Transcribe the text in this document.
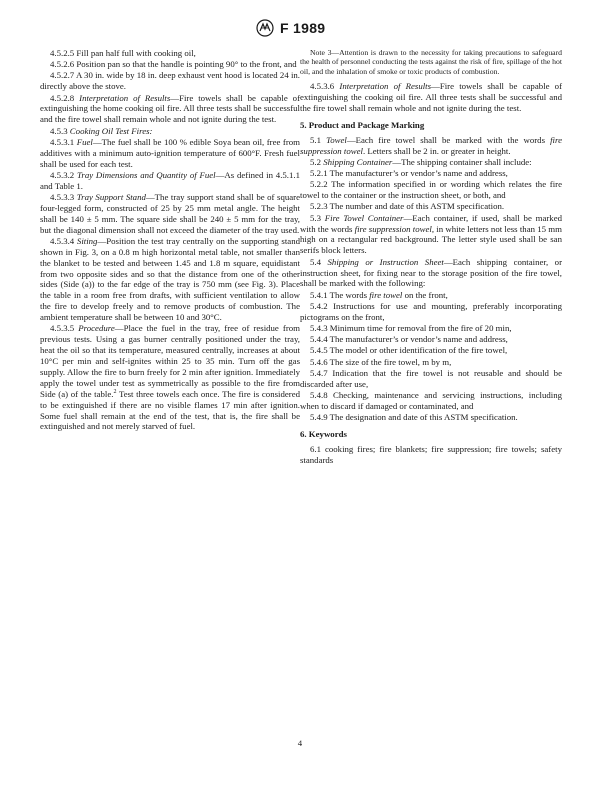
F 1989

4.5.2.5 Fill pan half full with cooking oil,

4.5.2.6 Position pan so that the handle is pointing 90° to the front, and

4.5.2.7 A 30 in. wide by 18 in. deep exhaust vent hood is located 24 in. directly above the stove.

4.5.2.8 Interpretation of Results—Fire towels shall be capable of extinguishing the home cooking oil fire. All three tests shall be successful and the fire towel shall remain whole and not ignite during the test.

4.5.3 Cooking Oil Test Fires:

4.5.3.1 Fuel—The fuel shall be 100 % edible Soya bean oil, free from additives with a minimum auto-ignition temperature of 600°F. Fresh fuel shall be used for each test.

4.5.3.2 Tray Dimensions and Quantity of Fuel—As defined in 4.5.1.1 and Table 1.

4.5.3.3 Tray Support Stand—The tray support stand shall be of square four-legged form, constructed of 25 by 25 mm metal angle. The height shall be 140 ± 5 mm. The square side shall be 240 ± 5 mm for the tray, but the diagonal dimension shall not exceed the diameter of the tray used.

4.5.3.4 Siting—Position the test tray centrally on the supporting stand shown in Fig. 3, on a 0.8 m high horizontal metal table, not smaller than the blanket to be tested and between 1.45 and 1.8 m square, equidistant from two opposite sides and so that the distance from one of the other sides (Side (a)) to the far edge of the tray is 750 mm (see Fig. 3). Place the table in a room free from drafts, with sufficient ventilation to allow the fire to develop freely and to remove products of combustion. The ambient temperature shall be between 10 and 30°C.

4.5.3.5 Procedure—Place the fuel in the tray, free of residue from previous tests. Using a gas burner centrally positioned under the tray, heat the oil so that its temperature, measured centrally, increases at about 10°C per min and self-ignites within 25 to 35 min. Turn off the gas supply. Allow the fire to burn freely for 2 min after ignition. Immediately apply the towel under test as symmetrically as possible to the fire from Side (a) of the table.$^2$ Test three towels each once. The fire is considered to be extinguished if there are no visible flames 17 min after ignition. Some fuel shall remain at the end of the test, that is, the fire shall be extinguished and not merely starved of fuel.

Note 3—Attention is drawn to the necessity for taking precautions to safeguard the health of personnel conducting the tests against the risk of fire, spillage of the hot oil, and the inhalation of smoke or toxic products of combustion.

4.5.3.6 Interpretation of Results—Fire towels shall be capable of extinguishing the cooking oil fire. All three tests shall be successful and the fire towel shall remain whole and not ignite during the test.

5. Product and Package Marking

5.1 Towel—Each fire towel shall be marked with the words fire suppression towel. Letters shall be 2 in. or greater in height.

5.2 Shipping Container—The shipping container shall include:

5.2.1 The manufacturer’s or vendor’s name and address,

5.2.2 The information specified in or wording which relates the fire towel to the container or the instruction sheet, or both, and

5.2.3 The number and date of this ASTM specification.

5.3 Fire Towel Container—Each container, if used, shall be marked with the words fire suppression towel, in white letters not less than 15 mm high on a rectangular red background. The letter style used shall be san serifs block letters.

5.4 Shipping or Instruction Sheet—Each shipping container, or instruction sheet, for fixing near to the storage position of the fire towel, shall be marked with the following:

5.4.1 The words fire towel on the front,

5.4.2 Instructions for use and mounting, preferably incorporating pictograms on the front,

5.4.3 Minimum time for removal from the fire of 20 min,

5.4.4 The manufacturer’s or vendor’s name and address,

5.4.5 The model or other identification of the fire towel,

5.4.6 The size of the fire towel, m by m,

5.4.7 Indication that the fire towel is not reusable and should be discarded after use,

5.4.8 Checking, maintenance and servicing instructions, including when to discard if damaged or contaminated, and

5.4.9 The designation and date of this ASTM specification.

6. Keywords

6.1 cooking fires; fire blankets; fire suppression; fire towels; safety standards

4
